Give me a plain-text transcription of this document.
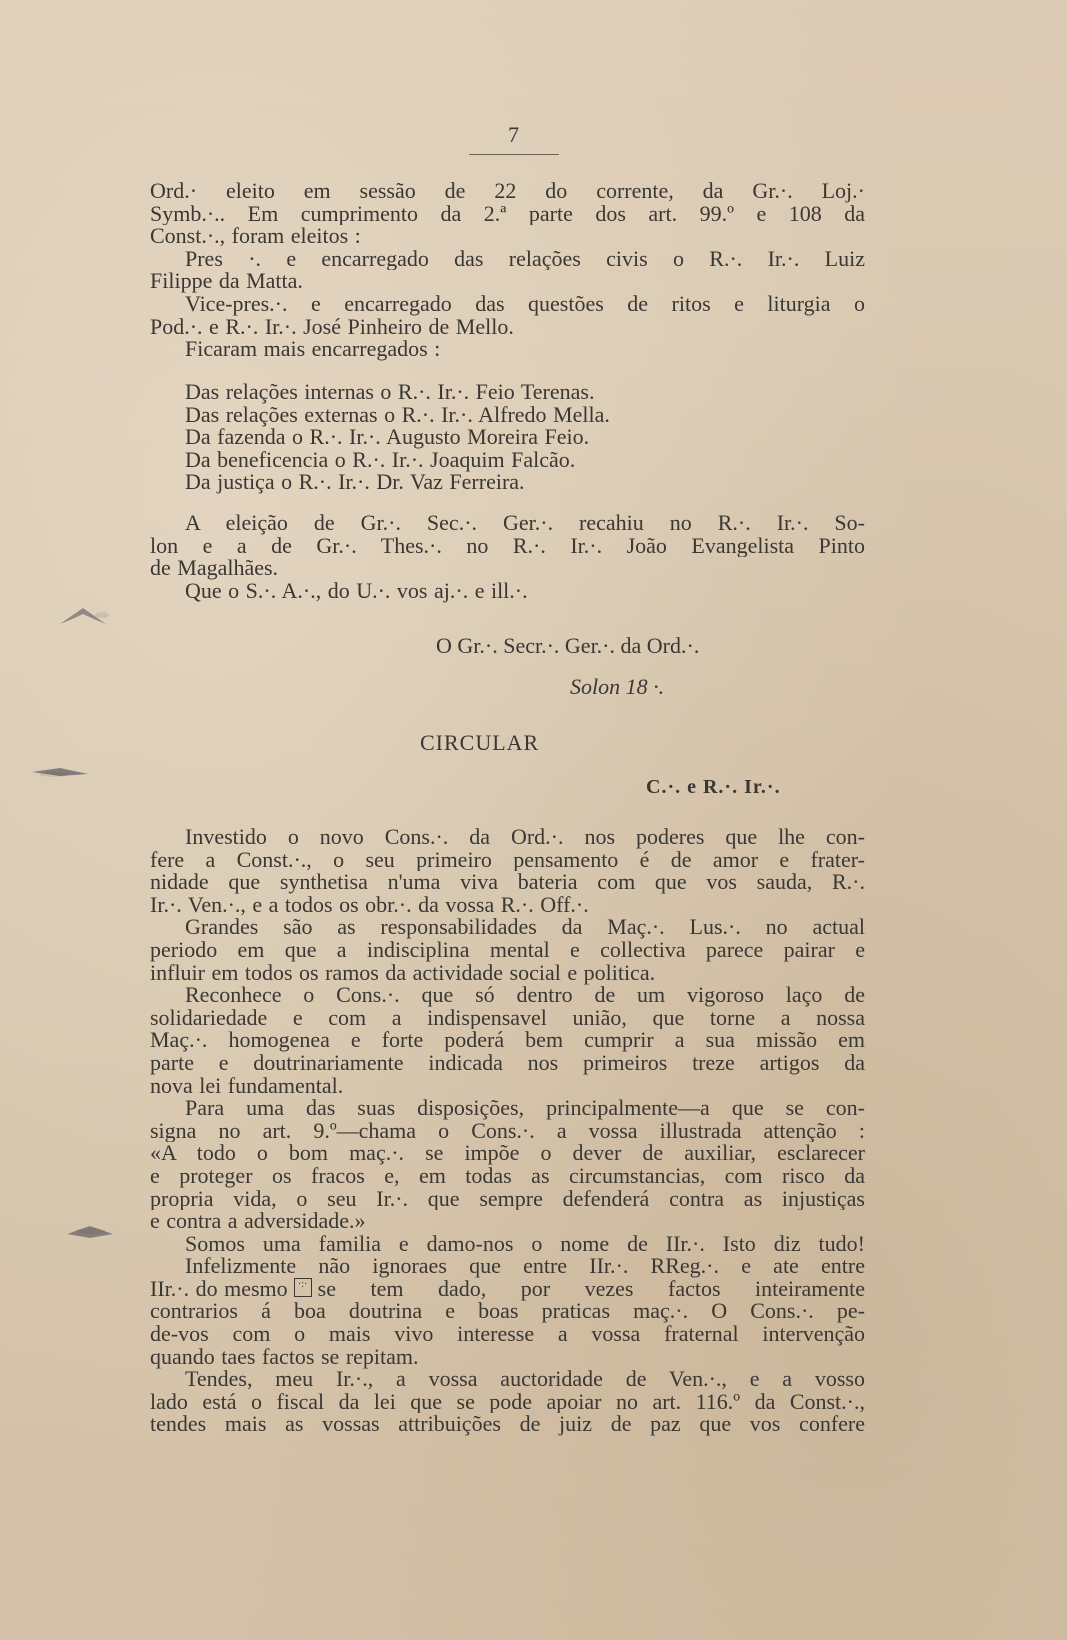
7
Ord.· eleito em sessão de 22 do corrente, da Gr.·. Loj.·
Symb.·.. Em cumprimento da 2.ª parte dos art. 99.º e 108 da
Const.·., foram eleitos :
Pres ·. e encarregado das relações civis o R.·. Ir.·. Luiz
Filippe da Matta.
Vice-pres.·. e encarregado das questões de ritos e liturgia o
Pod.·. e R.·. Ir.·. José Pinheiro de Mello.
Ficaram mais encarregados :
Das relações internas o R.·. Ir.·. Feio Terenas.
Das relações externas o R.·. Ir.·. Alfredo Mella.
Da fazenda o R.·. Ir.·. Augusto Moreira Feio.
Da beneficencia o R.·. Ir.·. Joaquim Falcão.
Da justiça o R.·. Ir.·. Dr. Vaz Ferreira.
A eleição de Gr.·. Sec.·. Ger.·. recahiu no R.·. Ir.·. So-
lon e a de Gr.·. Thes.·. no R.·. Ir.·. João Evangelista Pinto
de Magalhães.
Que o S.·. A.·., do U.·. vos aj.·. e ill.·.
O Gr.·. Secr.·. Ger.·. da Ord.·.
Solon 18 ·.
CIRCULAR
C.·. e R.·. Ir.·.
Investido o novo Cons.·. da Ord.·. nos poderes que lhe con-
fere a Const.·., o seu primeiro pensamento é de amor e frater-
nidade que synthetisa n'uma viva bateria com que vos sauda, R.·.
Ir.·. Ven.·., e a todos os obr.·. da vossa R.·. Off.·.
Grandes são as responsabilidades da Maç.·. Lus.·. no actual
periodo em que a indisciplina mental e collectiva parece pairar e
influir em todos os ramos da actividade social e politica.
Reconhece o Cons.·. que só dentro de um vigoroso laço de
solidariedade e com a indispensavel união, que torne a nossa
Maç.·. homogenea e forte poderá bem cumprir a sua missão em
parte e doutrinariamente indicada nos primeiros treze artigos da
nova lei fundamental.
Para uma das suas disposições, principalmente—a que se con-
signa no art. 9.º—chama o Cons.·. a vossa illustrada attenção :
«A todo o bom maç.·. se impõe o dever de auxiliar, esclarecer
e proteger os fracos e, em todas as circumstancias, com risco da
propria vida, o seu Ir.·. que sempre defenderá contra as injustiças
e contra a adversidade.»
Somos uma familia e damo-nos o nome de IIr.·. Isto diz tudo!
Infelizmente não ignoraes que entre IIr.·. RReg.·. e ate entre
IIr.·. do mesmo	·:· se tem dado, por vezes factos inteiramente
contrarios á boa doutrina e boas praticas maç.·. O Cons.·. pe-
de-vos com o mais vivo interesse a vossa fraternal intervenção
quando taes factos se repitam.
Tendes, meu Ir.·., a vossa auctoridade de Ven.·., e a vosso
lado está o fiscal da lei que se pode apoiar no art. 116.º da Const.·.,
tendes mais as vossas attribuições de juiz de paz que vos confere
